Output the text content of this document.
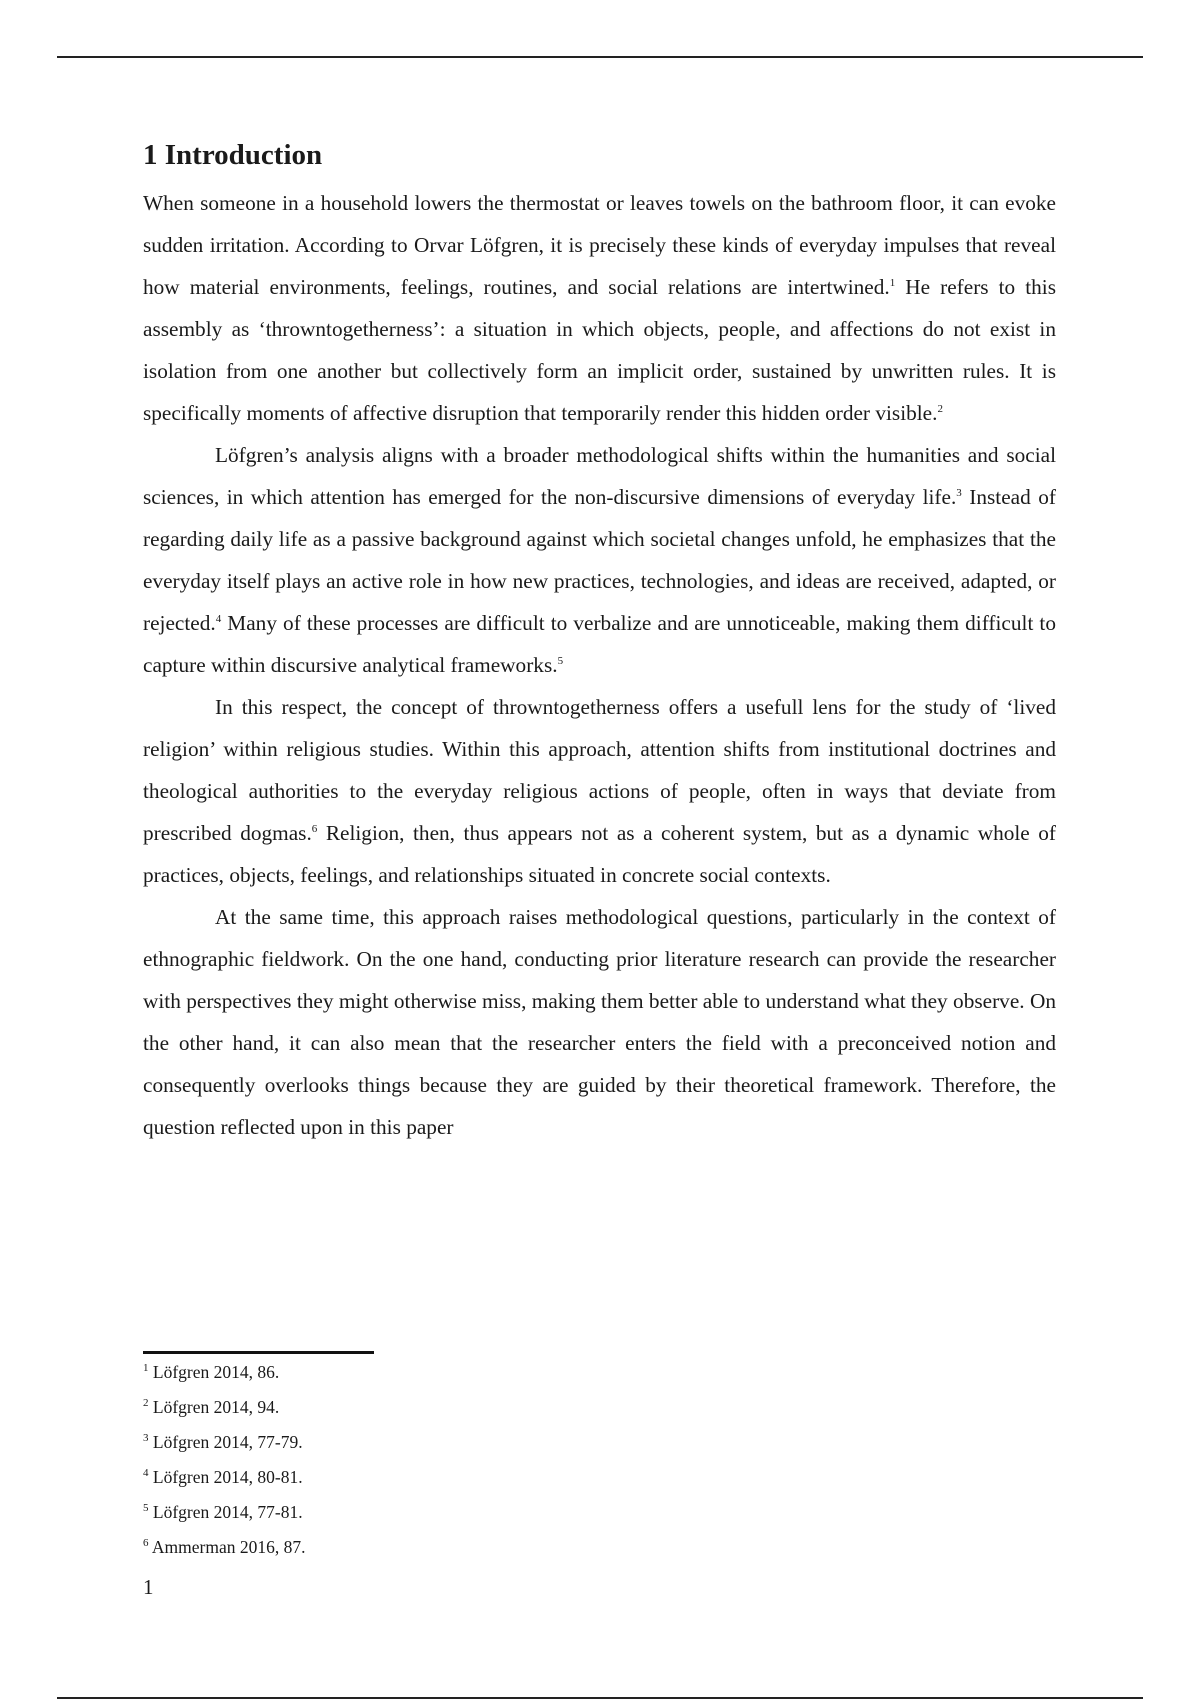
1 Introduction

When someone in a household lowers the thermostat or leaves towels on the bathroom floor, it can evoke sudden irritation. According to Orvar Löfgren, it is precisely these kinds of everyday impulses that reveal how material environments, feelings, routines, and social relations are intertwined.$^1$ He refers to this assembly as ‘throwntogetherness’: a situation in which objects, people, and affections do not exist in isolation from one another but collectively form an implicit order, sustained by unwritten rules. It is specifically moments of affective disruption that temporarily render this hidden order visible.$^2$

Löfgren’s analysis aligns with a broader methodological shifts within the humanities and social sciences, in which attention has emerged for the non-discursive dimensions of everyday life.$^3$ Instead of regarding daily life as a passive background against which societal changes unfold, he emphasizes that the everyday itself plays an active role in how new practices, technologies, and ideas are received, adapted, or rejected.$^4$ Many of these processes are difficult to verbalize and are unnoticeable, making them difficult to capture within discursive analytical frameworks.$^5$

In this respect, the concept of throwntogetherness offers a usefull lens for the study of ‘lived religion’ within religious studies. Within this approach, attention shifts from institutional doctrines and theological authorities to the everyday religious actions of people, often in ways that deviate from prescribed dogmas.$^6$ Religion, then, thus appears not as a coherent system, but as a dynamic whole of practices, objects, feelings, and relationships situated in concrete social contexts.

At the same time, this approach raises methodological questions, particularly in the context of ethnographic fieldwork. On the one hand, conducting prior literature research can provide the researcher with perspectives they might otherwise miss, making them better able to understand what they observe. On the other hand, it can also mean that the researcher enters the field with a preconceived notion and consequently overlooks things because they are guided by their theoretical framework. Therefore, the question reflected upon in this paper

$^1$ Löfgren 2014, 86.

$^2$ Löfgren 2014, 94.

$^3$ Löfgren 2014, 77-79.

$^4$ Löfgren 2014, 80-81.

$^5$ Löfgren 2014, 77-81.

$^6$ Ammerman 2016, 87.

1
